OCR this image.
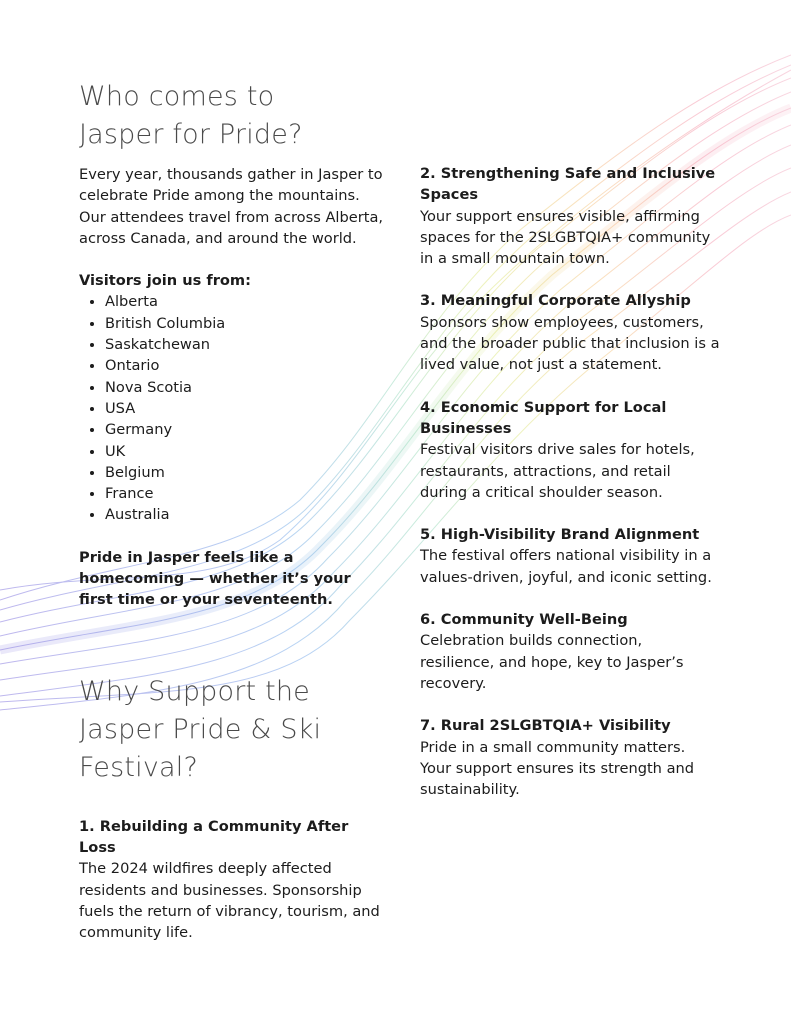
Who comes to
Jasper for Pride?

Every year, thousands gather in Jasper to celebrate Pride among the mountains. Our attendees travel from across Alberta, across Canada, and around the world.

Visitors join us from:

• Alberta
• British Columbia
• Saskatchewan
• Ontario
• Nova Scotia
• USA
• Germany
• UK
• Belgium
• France
• Australia

Pride in Jasper feels like a homecoming — whether it’s your first time or your seventeenth.

Why Support the
Jasper Pride & Ski
Festival?
1. Rebuilding a Community After Loss
The 2024 wildfires deeply affected residents and businesses. Sponsorship fuels the return of vibrancy, tourism, and community life.
2. Strengthening Safe and Inclusive Spaces
Your support ensures visible, affirming spaces for the 2SLGBTQIA+ community in a small mountain town.
3. Meaningful Corporate Allyship
Sponsors show employees, customers, and the broader public that inclusion is a lived value, not just a statement.
4. Economic Support for Local Businesses
Festival visitors drive sales for hotels, restaurants, attractions, and retail during a critical shoulder season.
5. High-Visibility Brand Alignment
The festival offers national visibility in a values-driven, joyful, and iconic setting.
6. Community Well-Being
Celebration builds connection, resilience, and hope, key to Jasper’s recovery.
7. Rural 2SLGBTQIA+ Visibility
Pride in a small community matters. Your support ensures its strength and sustainability.
